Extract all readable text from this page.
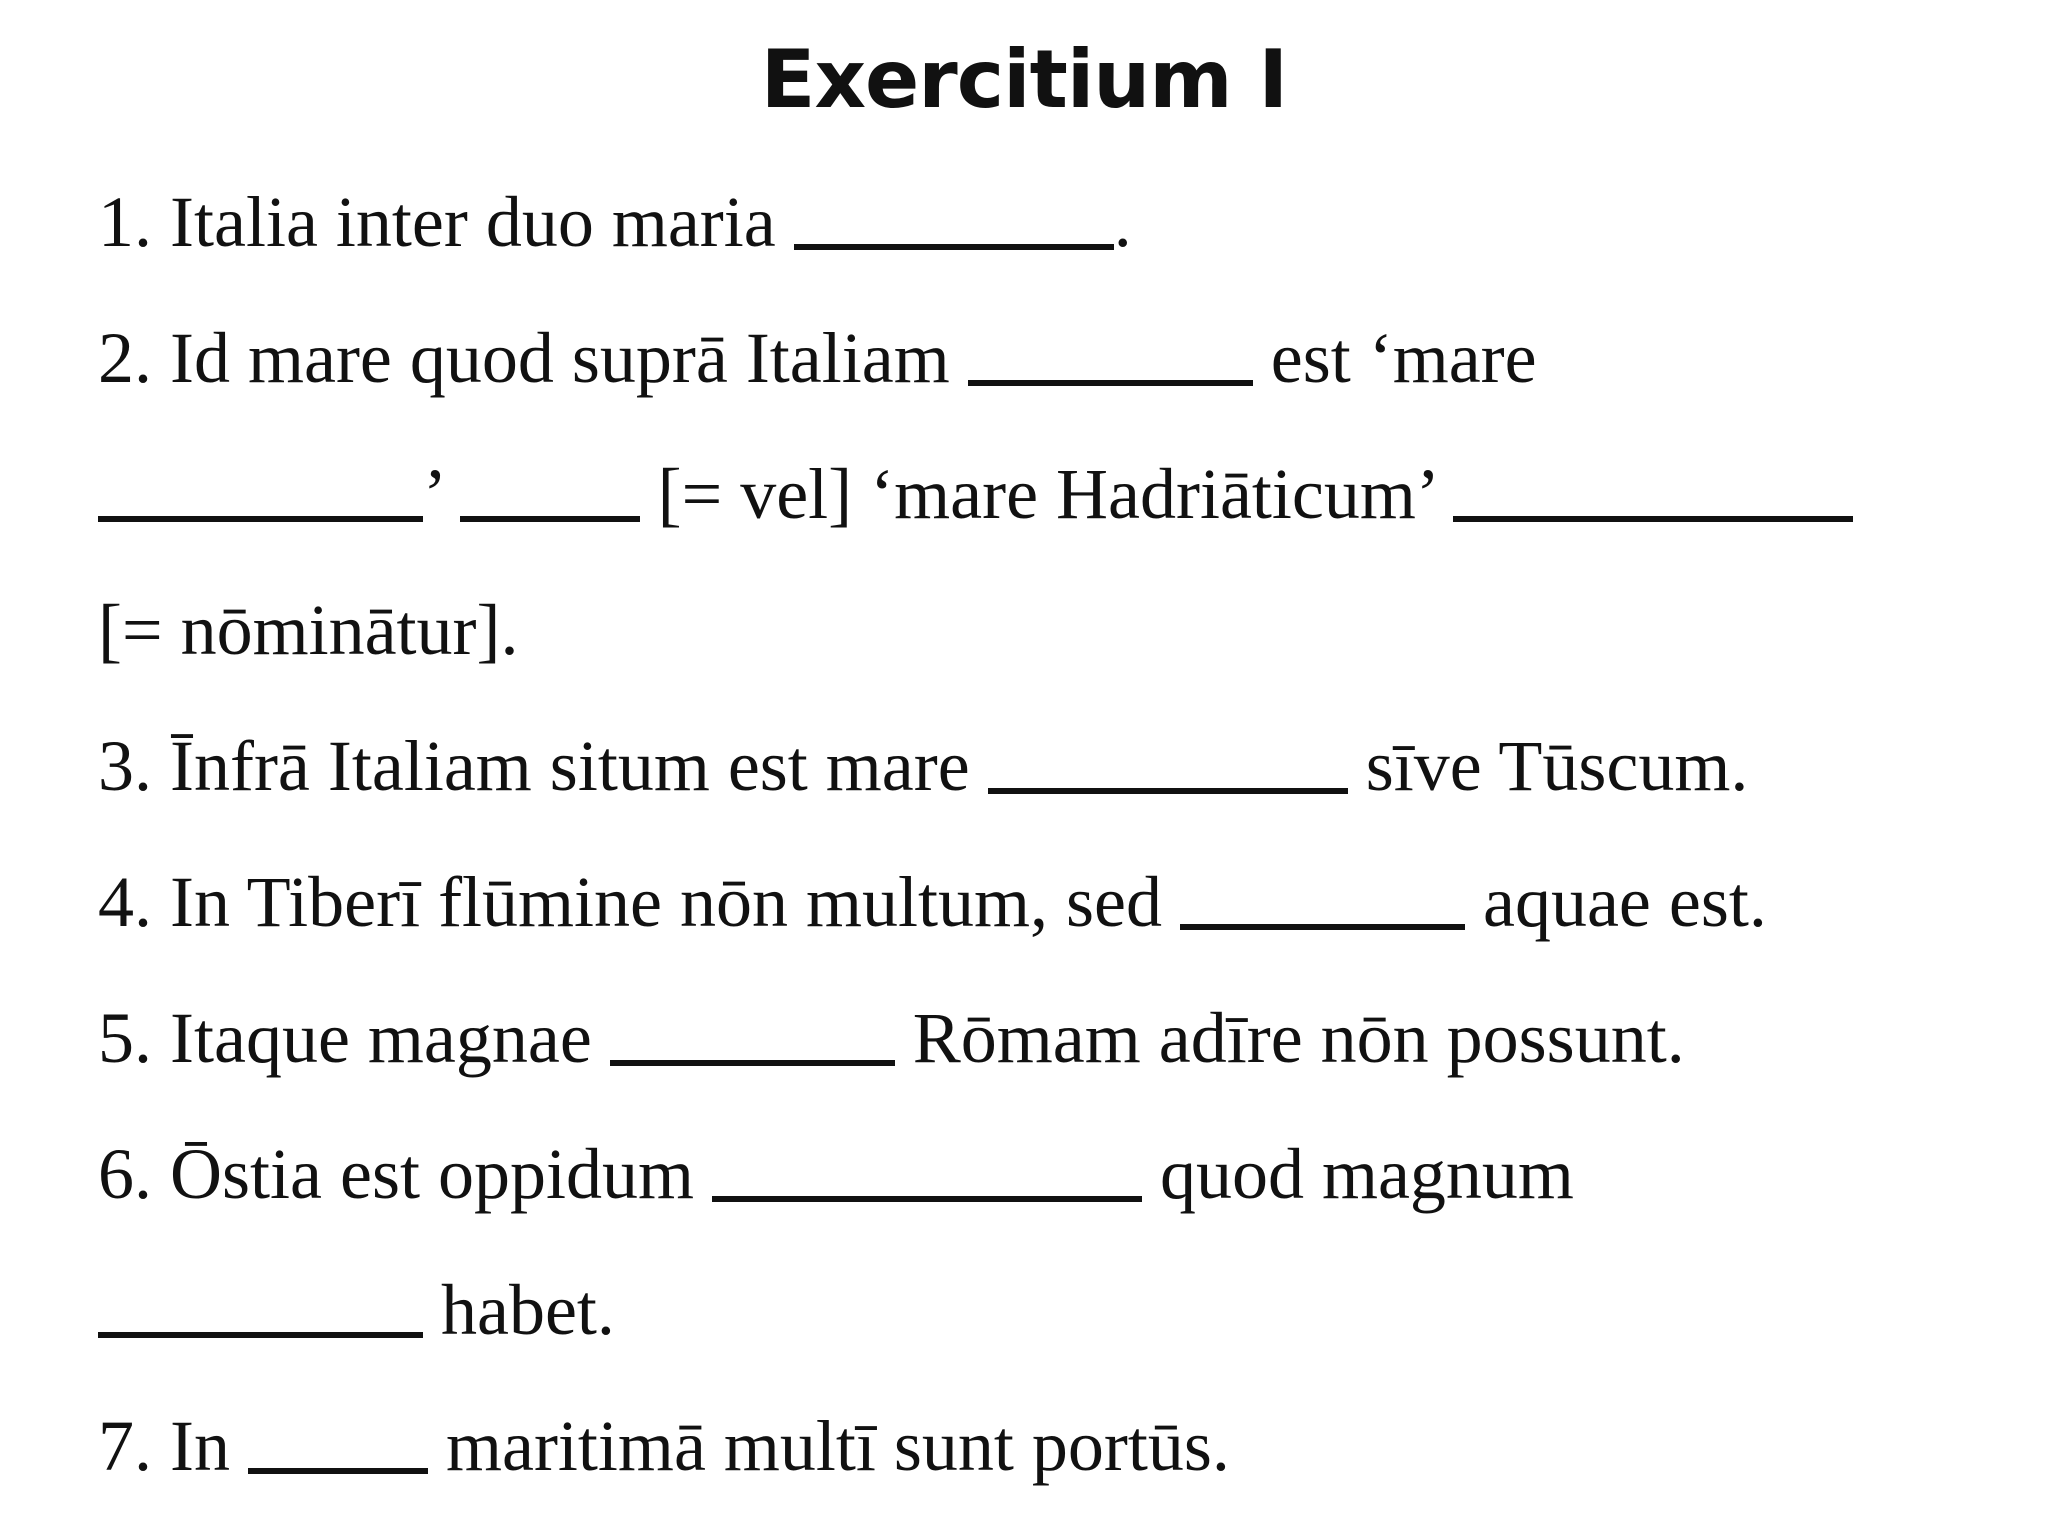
Exercitium I
1. Italia inter duo maria	.
2. Id mare quod suprā Italiam	est ‘mare
’	[= vel] ‘mare Hadriāticum’
[= nōminātur].
3. Īnfrā Italiam situm est mare	sīve Tūscum.
4. In Tiberī flūmine nōn multum, sed	aquae est.
5. Itaque magnae	Rōmam adīre nōn possunt.
6. Ōstia est oppidum	quod magnum
habet.
7. In	maritimā multī sunt portūs.
